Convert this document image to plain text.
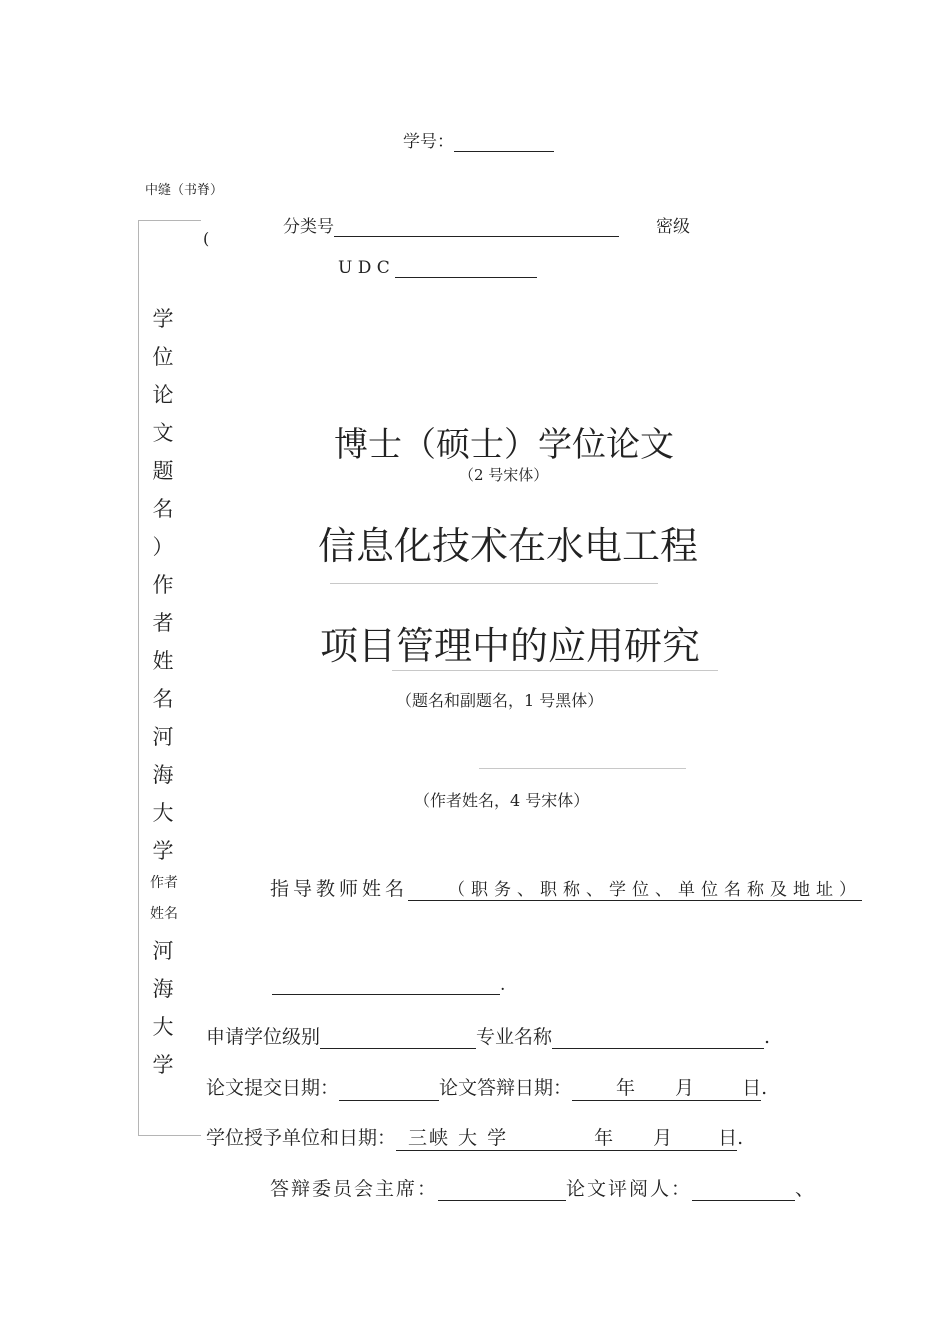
学号：
中缝（书脊）
分类号	密级
(
U D C
学
位
论
文
题
名
）
作
者
姓
名
河
海
大
学
作者
姓名
河
海
大
学
博士（硕士）学位论文
（2 号宋体）
信息化技术在水电工程
项目管理中的应用研究
（题名和副题名，1 号黑体）
（作者姓名，4 号宋体）
指导教师姓名 （职务、职称、学位、单位名称及地址）
.
申请学位级别	专业名称	.
论文提交日期：	论文答辩日期： 年 月	日.
学位授予单位和日期： 三峡 大 学	年 月 日.
答辩委员会主席：	论文评阅人：	、
